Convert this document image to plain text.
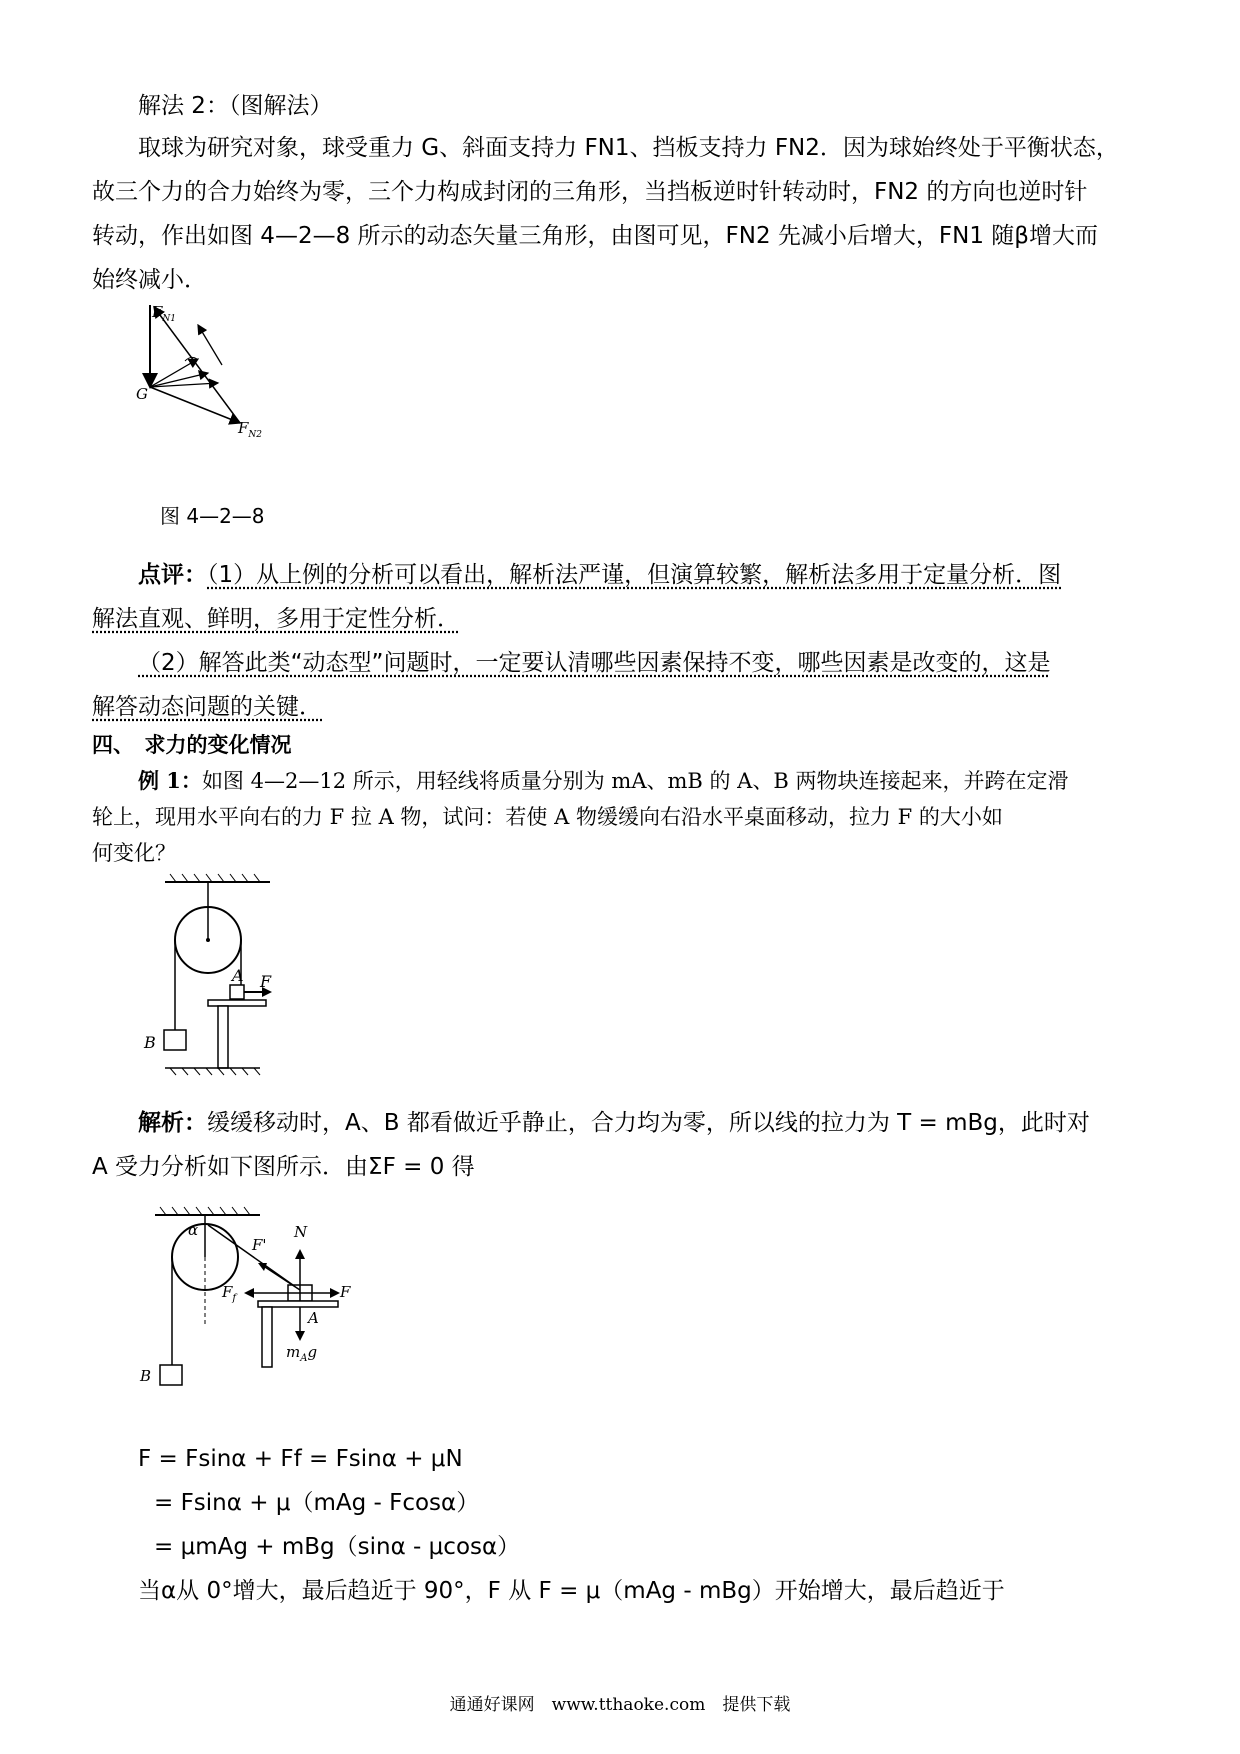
解法 2：（图解法）
取球为研究对象，球受重力 G、斜面支持力 FN1、挡板支持力 FN2．因为球始终处于平衡状态，
故三个力的合力始终为零，三个力构成封闭的三角形，当挡板逆时针转动时，FN2 的方向也逆时针
转动，作出如图 4—2—8 所示的动态矢量三角形，由图可见，FN2 先减小后增大，FN1 随β增大而
始终减小．
$F_{N1}$
G
$F_{N2}$
图 4—2—8
点评：（1）从上例的分析可以看出，解析法严谨，但演算较繁，解析法多用于定量分析．图
解法直观、鲜明，多用于定性分析．
（2）解答此类“动态型”问题时，一定要认清哪些因素保持不变，哪些因素是改变的，这是
解答动态问题的关键．
四、　求力的变化情况
例 1：如图 4—2—12 所示，用轻线将质量分别为 mA、mB 的 A、B 两物块连接起来，并跨在定滑
轮上，现用水平向右的力 F 拉 A 物，试问：若使 A 物缓缓向右沿水平桌面移动，拉力 F 的大小如
何变化？
A F
B
解析：缓缓移动时，A、B 都看做近乎静止，合力均为零，所以线的拉力为 T = mBg，此时对
A 受力分析如下图所示．由ΣF = 0 得
α
F'
N
$F_f$	F
A
B
$m_Ag$
F = Fsinα + Ff = Fsinα + μN
= Fsinα + μ（mAg - Fcosα）
= μmAg + mBg（sinα - μcosα）
当α从 0°增大，最后趋近于 90°，F 从 F = μ（mAg - mBg）开始增大，最后趋近于
通通好课网　www.tthaoke.com　提供下载
